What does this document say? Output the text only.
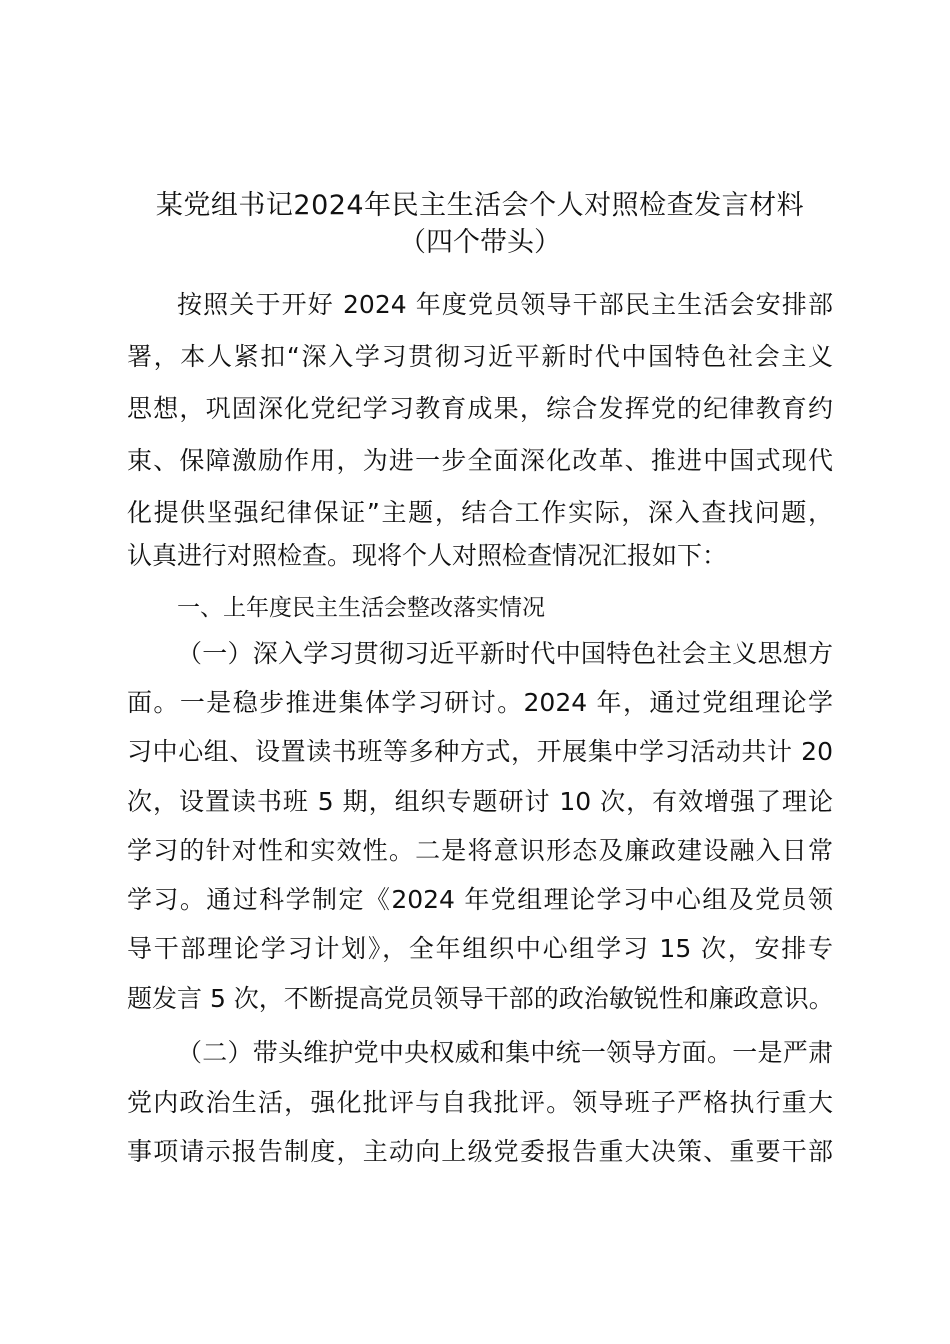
某党组书记2024年民主生活会个人对照检查发言材料
（四个带头）
按照关于开好 2024 年度党员领导干部民主生活会安排部
署，本人紧扣“深入学习贯彻习近平新时代中国特色社会主义
思想，巩固深化党纪学习教育成果，综合发挥党的纪律教育约
束、保障激励作用，为进一步全面深化改革、推进中国式现代
化提供坚强纪律保证”主题，结合工作实际，深入查找问题，
认真进行对照检查。现将个人对照检查情况汇报如下：
一、上年度民主生活会整改落实情况
（一）深入学习贯彻习近平新时代中国特色社会主义思想方
面。一是稳步推进集体学习研讨。2024 年，通过党组理论学
习中心组、设置读书班等多种方式，开展集中学习活动共计 20
次，设置读书班 5 期，组织专题研讨 10 次，有效增强了理论
学习的针对性和实效性。二是将意识形态及廉政建设融入日常
学习。通过科学制定《2024 年党组理论学习中心组及党员领
导干部理论学习计划》，全年组织中心组学习 15 次，安排专
题发言 5 次，不断提高党员领导干部的政治敏锐性和廉政意识。
（二）带头维护党中央权威和集中统一领导方面。一是严肃
党内政治生活，强化批评与自我批评。领导班子严格执行重大
事项请示报告制度，主动向上级党委报告重大决策、重要干部
